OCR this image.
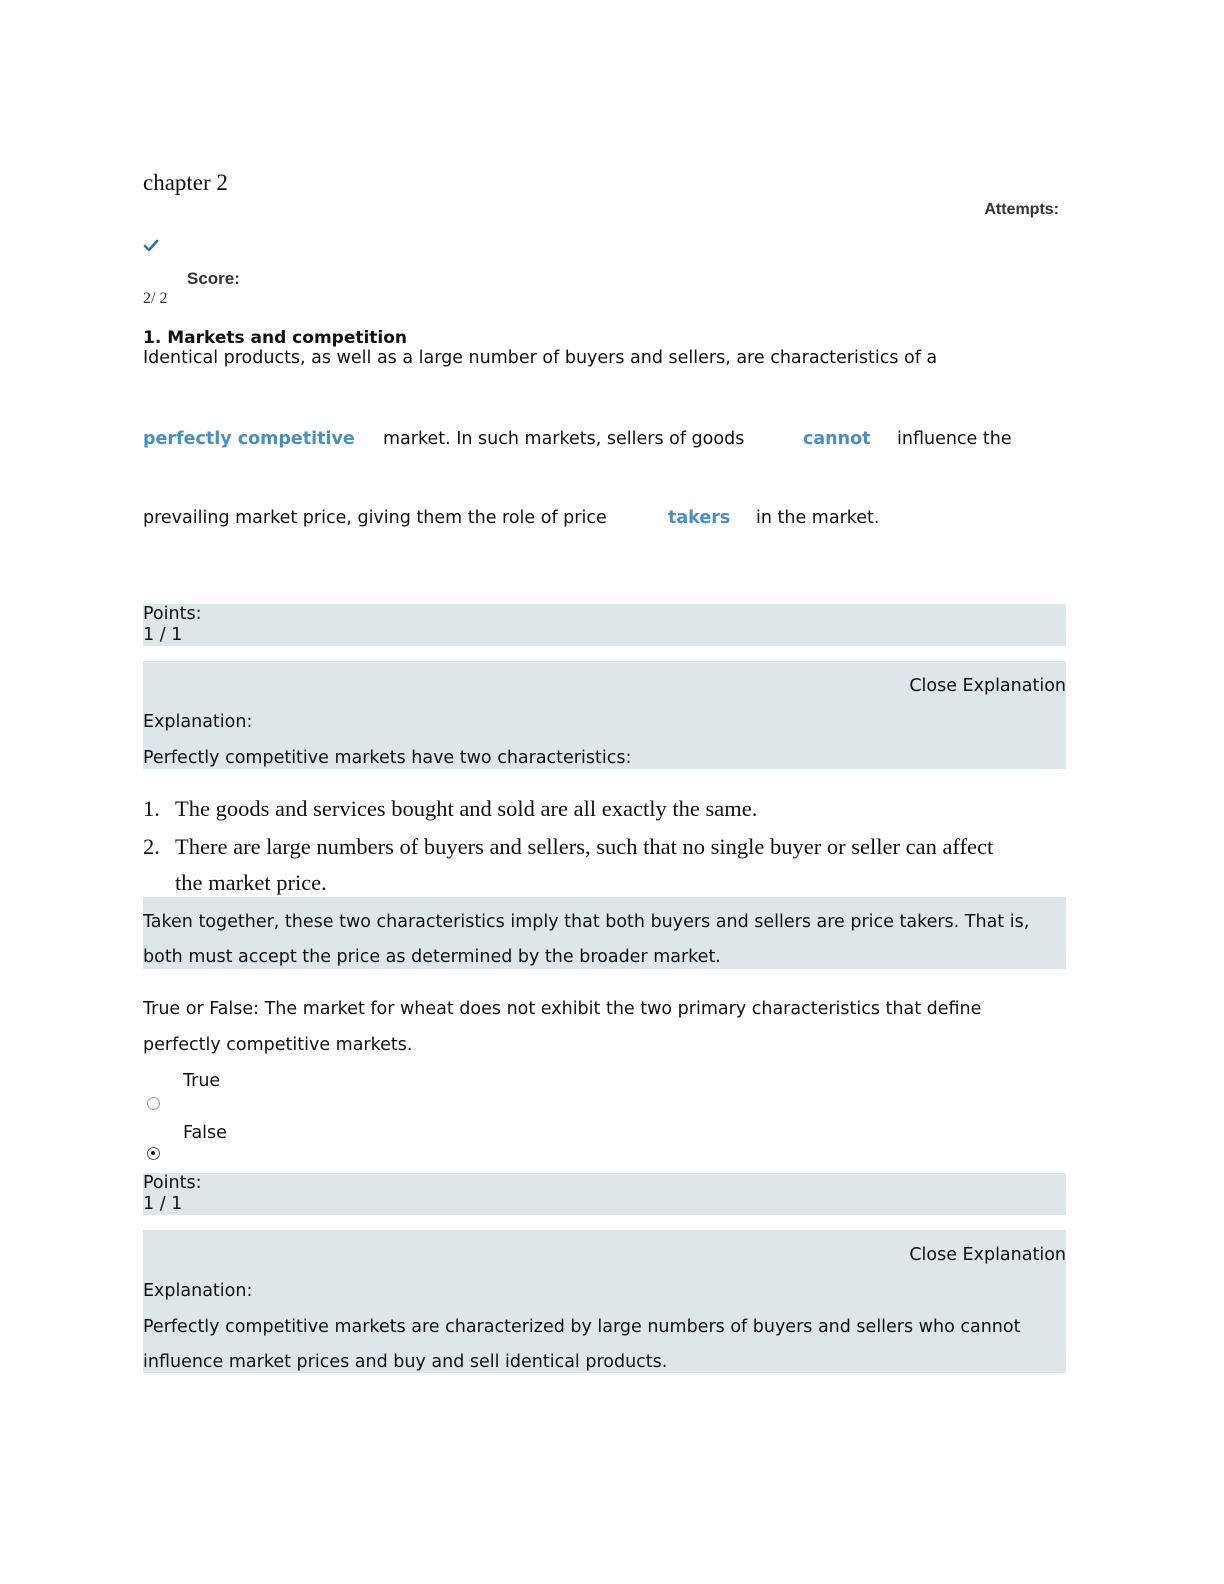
chapter 2
Attempts:
Score:
2/ 2
1. Markets and competition
Identical products, as well as a large number of buyers and sellers, are characteristics of a
perfectly competitive market. In such markets, sellers of goods	cannot influence the
prevailing market price, giving them the role of price	takers in the market.
Points:
1 / 1
Close Explanation
Explanation:
Perfectly competitive markets have two characteristics:
1. The goods and services bought and sold are all exactly the same.
2. There are large numbers of buyers and sellers, such that no single buyer or seller can affect
the market price.
Taken together, these two characteristics imply that both buyers and sellers are price takers. That is,
both must accept the price as determined by the broader market.
True or False: The market for wheat does not exhibit the two primary characteristics that define
perfectly competitive markets.
True
False
Points:
1 / 1
Close Explanation
Explanation:
Perfectly competitive markets are characterized by large numbers of buyers and sellers who cannot
influence market prices and buy and sell identical products.
